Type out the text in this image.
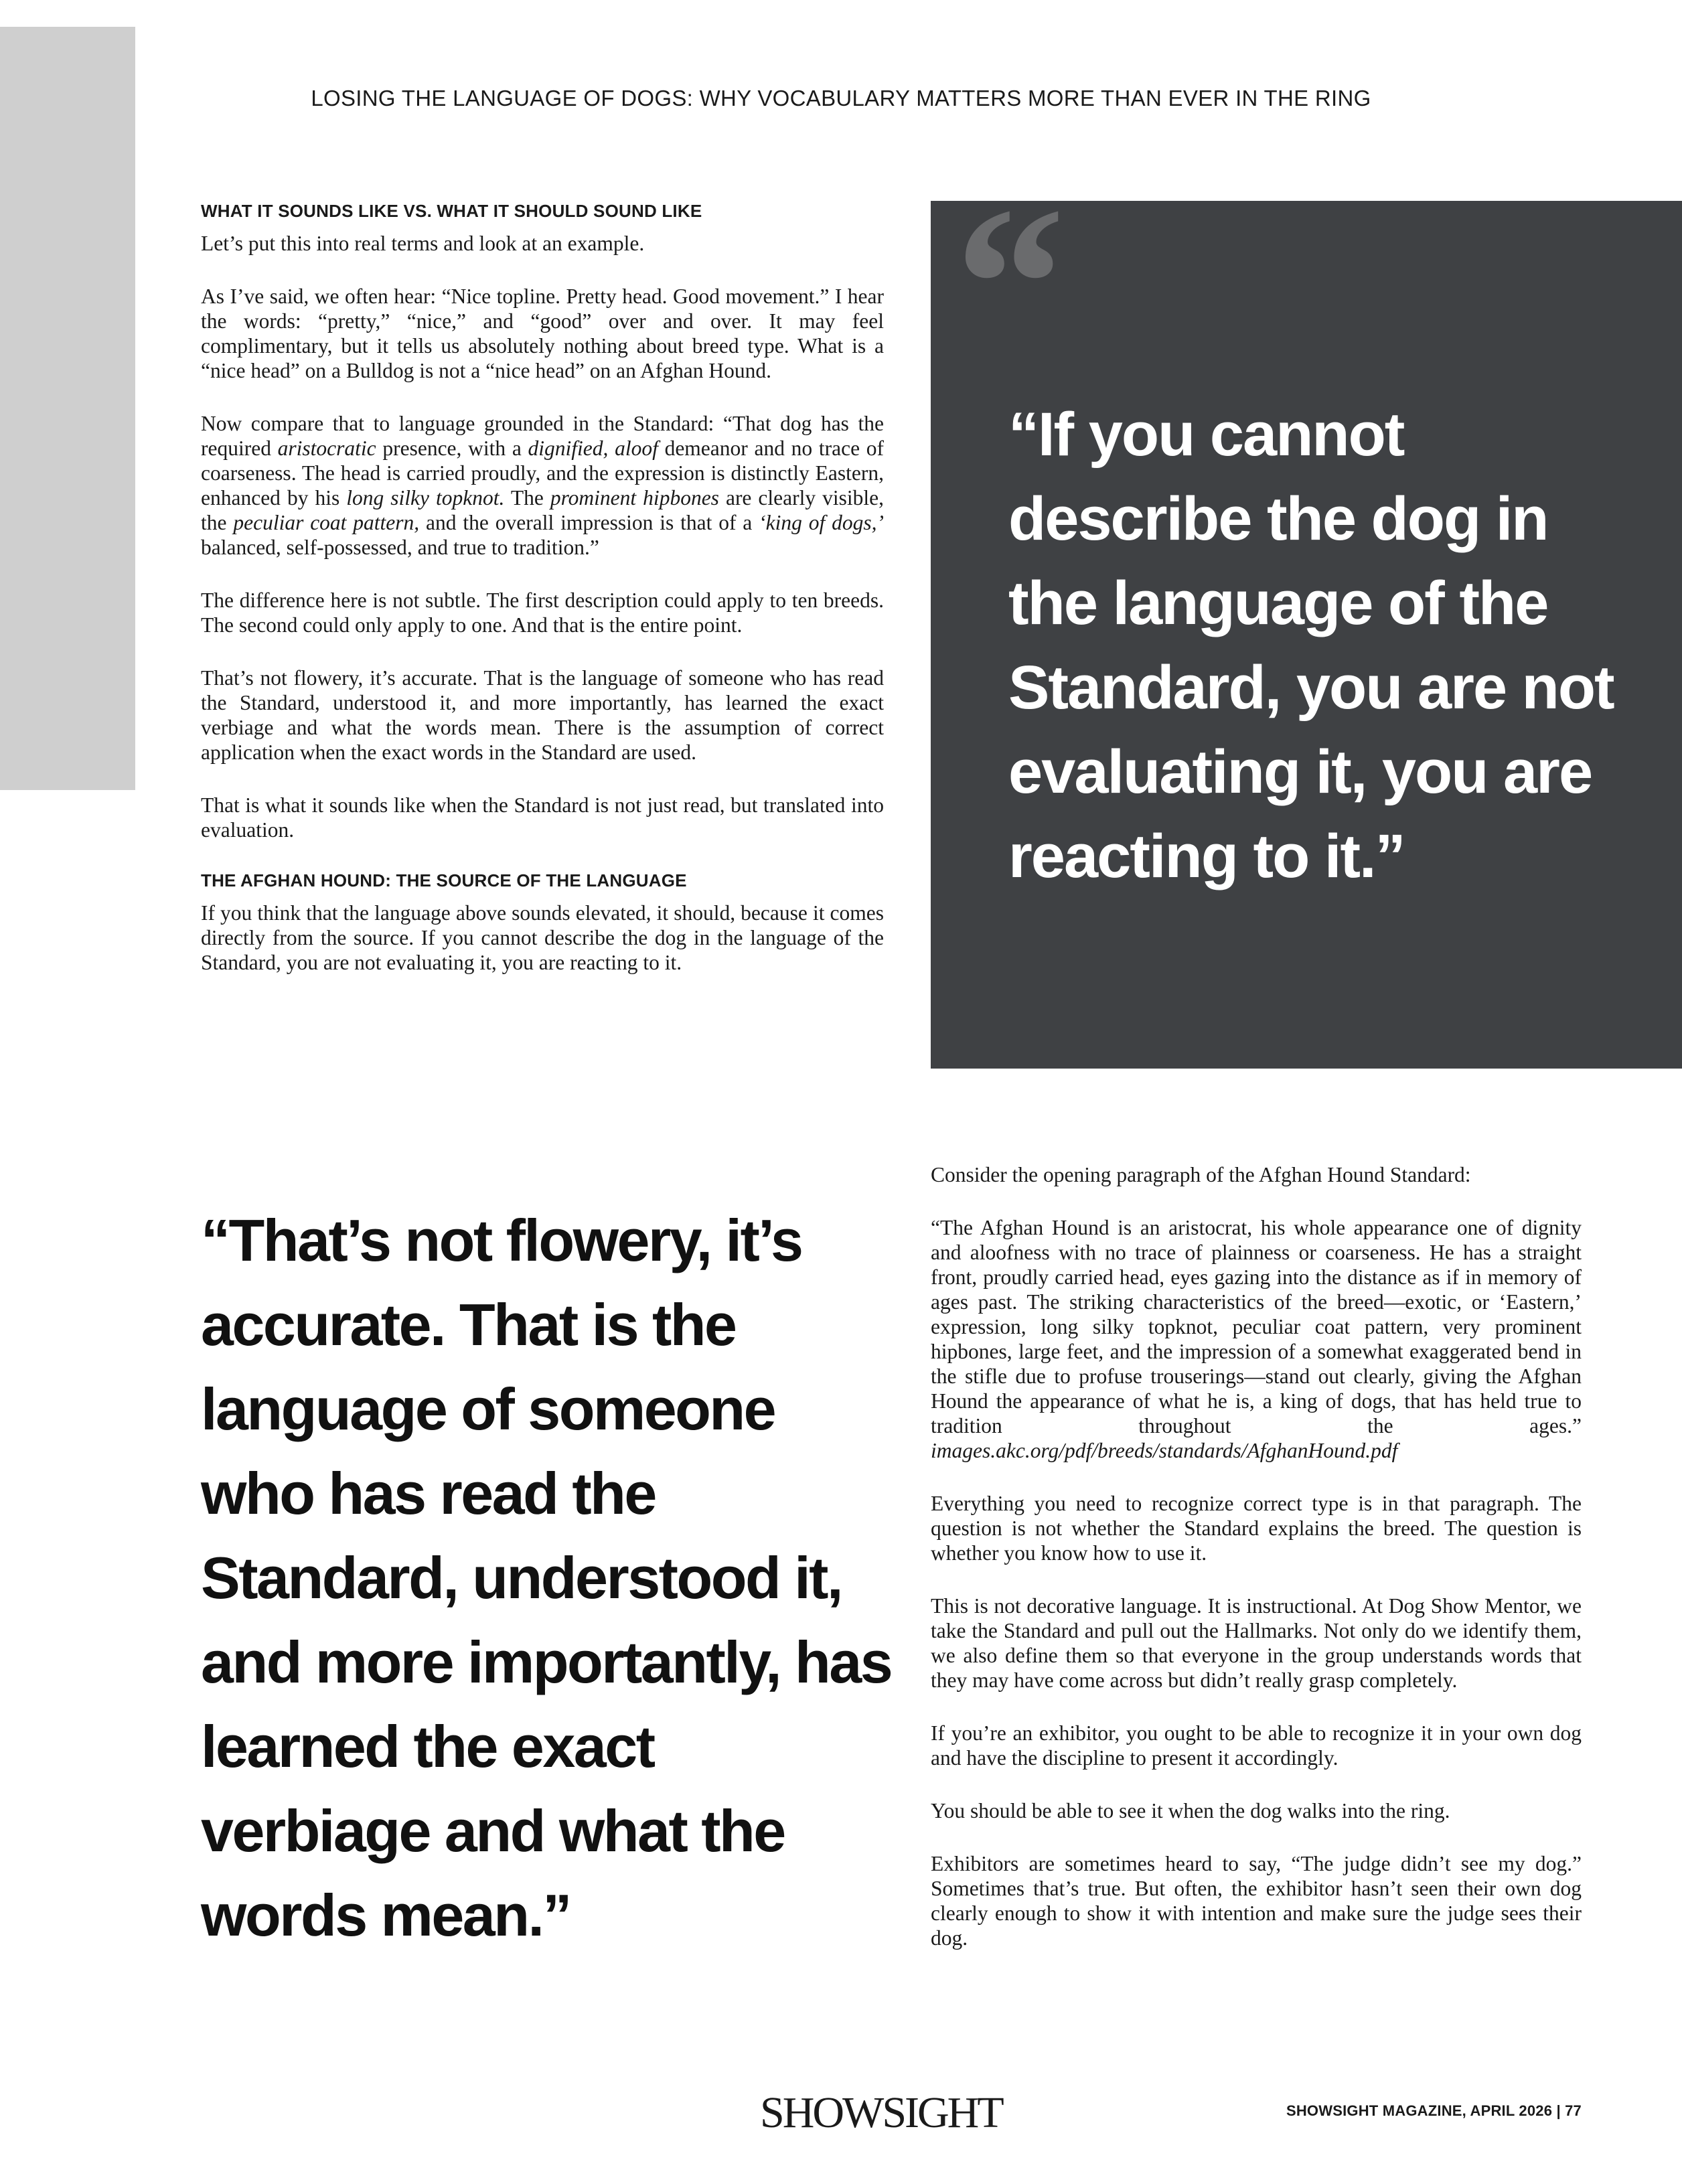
LOSING THE LANGUAGE OF DOGS: WHY VOCABULARY MATTERS MORE THAN EVER IN THE RING
WHAT IT SOUNDS LIKE VS. WHAT IT SHOULD SOUND LIKE

Let’s put this into real terms and look at an example.

As I’ve said, we often hear: “Nice topline. Pretty head. Good movement.” I hear the words: “pretty,” “nice,” and “good” over and over. It may feel complimentary, but it tells us absolutely nothing about breed type. What is a “nice head” on a Bulldog is not a “nice head” on an Afghan Hound.

Now compare that to language grounded in the Standard: “That dog has the required aristocratic presence, with a dignified, aloof demeanor and no trace of coarseness. The head is carried proudly, and the expression is distinctly Eastern, enhanced by his long silky topknot. The prominent hipbones are clearly visible, the peculiar coat pattern, and the overall impression is that of a ‘king of dogs,’ balanced, self-possessed, and true to tradition.”

The difference here is not subtle. The first description could apply to ten breeds. The second could only apply to one. And that is the entire point.

That’s not flowery, it’s accurate. That is the language of someone who has read the Standard, understood it, and more importantly, has learned the exact verbiage and what the words mean. There is the assumption of correct application when the exact words in the Standard are used.

That is what it sounds like when the Standard is not just read, but translated into evaluation.

THE AFGHAN HOUND: THE SOURCE OF THE LANGUAGE

If you think that the language above sounds elevated, it should, because it comes directly from the source. If you cannot describe the dog in the language of the Standard, you are not evaluating it, you are reacting to it.

“
“If you cannot describe the dog in the language of the Standard, you are not evaluating it, you are reacting to it.”
“That’s not flowery, it’s accurate. That is the language of someone who has read the Standard, understood it, and more importantly, has learned the exact verbiage and what the words mean.”

Consider the opening paragraph of the Afghan Hound Standard:

“The Afghan Hound is an aristocrat, his whole appearance one of dignity and aloofness with no trace of plainness or coarseness. He has a straight front, proudly carried head, eyes gazing into the distance as if in memory of ages past. The striking characteristics of the breed—exotic, or ‘Eastern,’ expression, long silky topknot, peculiar coat pattern, very prominent hipbones, large feet, and the impression of a somewhat exaggerated bend in the stifle due to profuse trouserings—stand out clearly, giving the Afghan Hound the appearance of what he is, a king of dogs, that has held true to tradition throughout the ages.” images.akc.org/pdf/breeds/standards/AfghanHound.pdf

Everything you need to recognize correct type is in that paragraph. The question is not whether the Standard explains the breed. The question is whether you know how to use it.

This is not decorative language. It is instructional. At Dog Show Mentor, we take the Standard and pull out the Hallmarks. Not only do we identify them, we also define them so that everyone in the group understands words that they may have come across but didn’t really grasp completely.

If you’re an exhibitor, you ought to be able to recognize it in your own dog and have the discipline to present it accordingly.

You should be able to see it when the dog walks into the ring.

Exhibitors are sometimes heard to say, “The judge didn’t see my dog.” Sometimes that’s true. But often, the exhibitor hasn’t seen their own dog clearly enough to show it with intention and make sure the judge sees their dog.

SHOWSIGHT	SHOWSIGHT MAGAZINE, APRIL 2026 | 77
